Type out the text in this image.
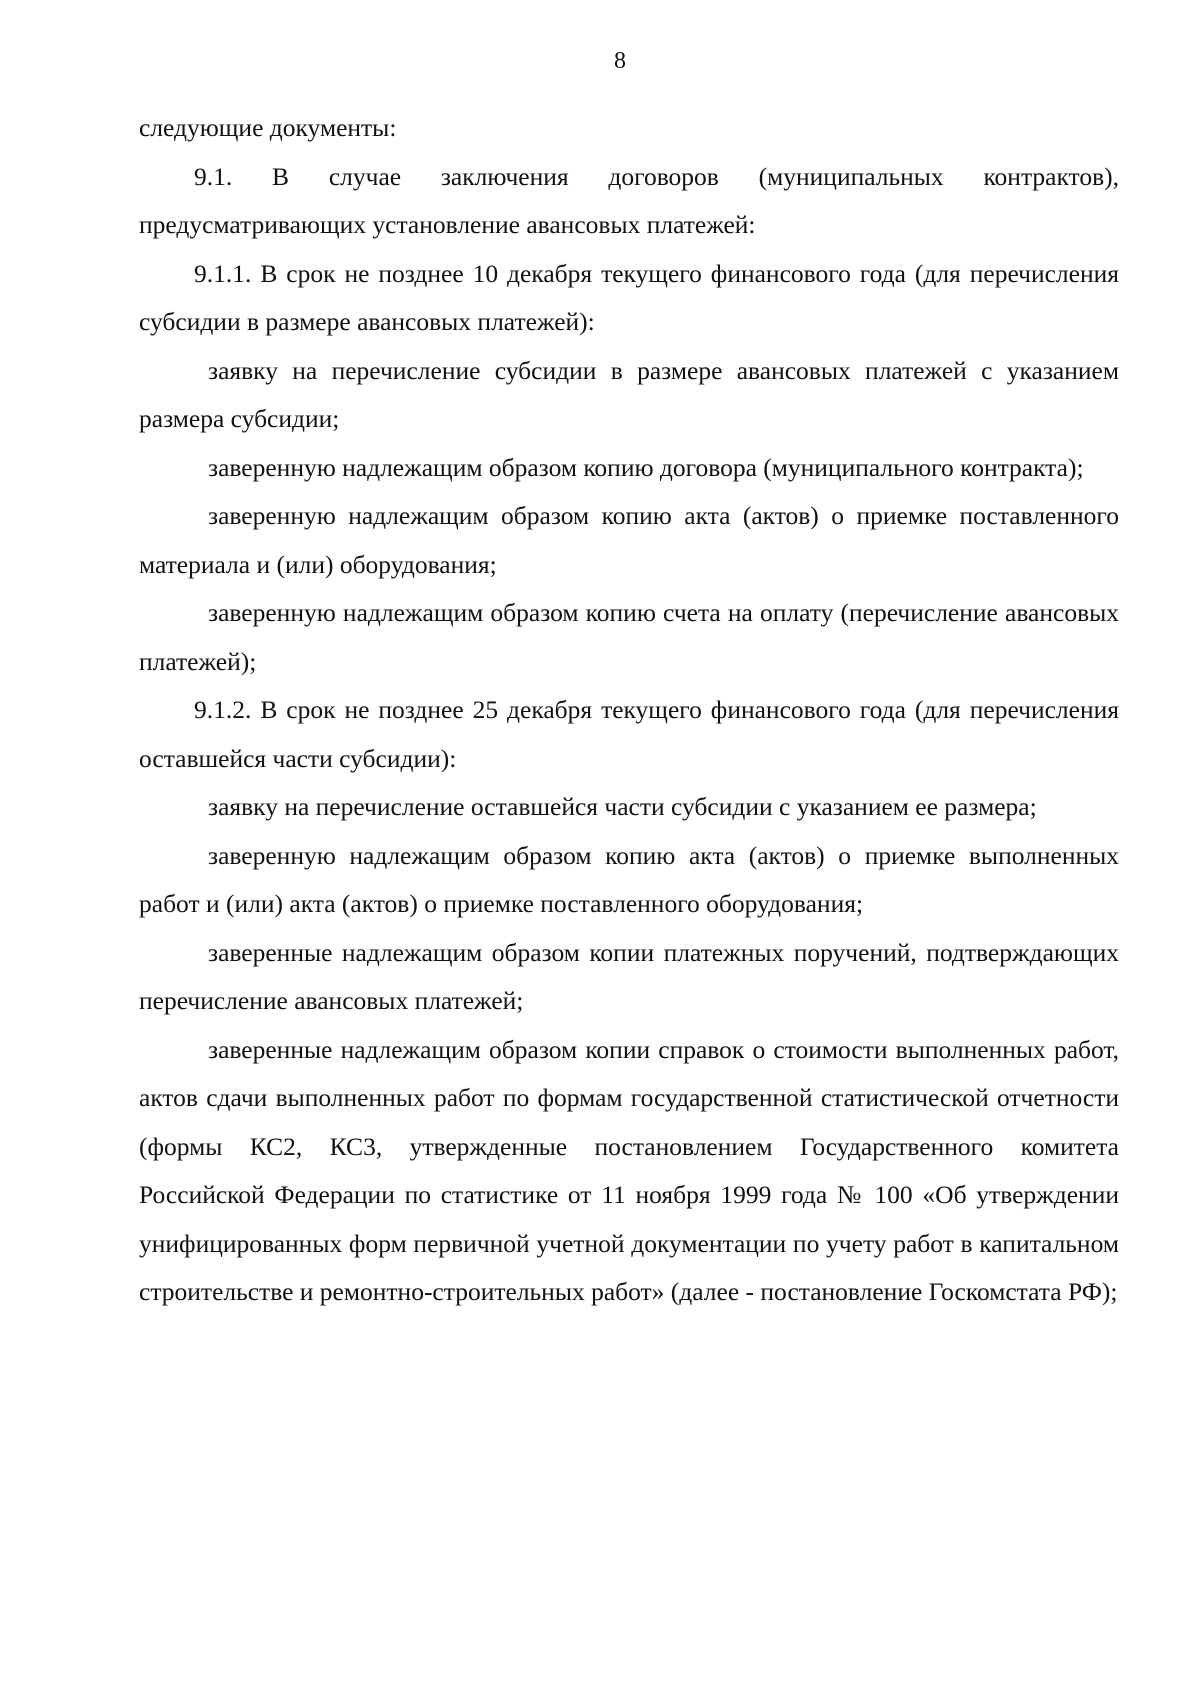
8

следующие документы:

9.1. В случае заключения договоров (муниципальных контрактов), предусматривающих установление авансовых платежей:

9.1.1. В срок не позднее 10 декабря текущего финансового года (для перечисления субсидии в размере авансовых платежей):

заявку на перечисление субсидии в размере авансовых платежей с указанием размера субсидии;

заверенную надлежащим образом копию договора (муниципального контракта);

заверенную надлежащим образом копию акта (актов) о приемке поставленного материала и (или) оборудования;

заверенную надлежащим образом копию счета на оплату (перечисление авансовых платежей);

9.1.2. В срок не позднее 25 декабря текущего финансового года (для перечисления оставшейся части субсидии):

заявку на перечисление оставшейся части субсидии с указанием ее размера;

заверенную надлежащим образом копию акта (актов) о приемке выполненных работ и (или) акта (актов) о приемке поставленного оборудования;

заверенные надлежащим образом копии платежных поручений, подтверждающих перечисление авансовых платежей;

заверенные надлежащим образом копии справок о стоимости выполненных работ, актов сдачи выполненных работ по формам государственной статистической отчетности (формы КС2, КС3, утвержденные постановлением Государственного комитета Российской Федерации по статистике от 11 ноября 1999 года № 100 «Об утверждении унифицированных форм первичной учетной документации по учету работ в капитальном строительстве и ремонтно-строительных работ» (далее - постановление Госкомстата РФ);
